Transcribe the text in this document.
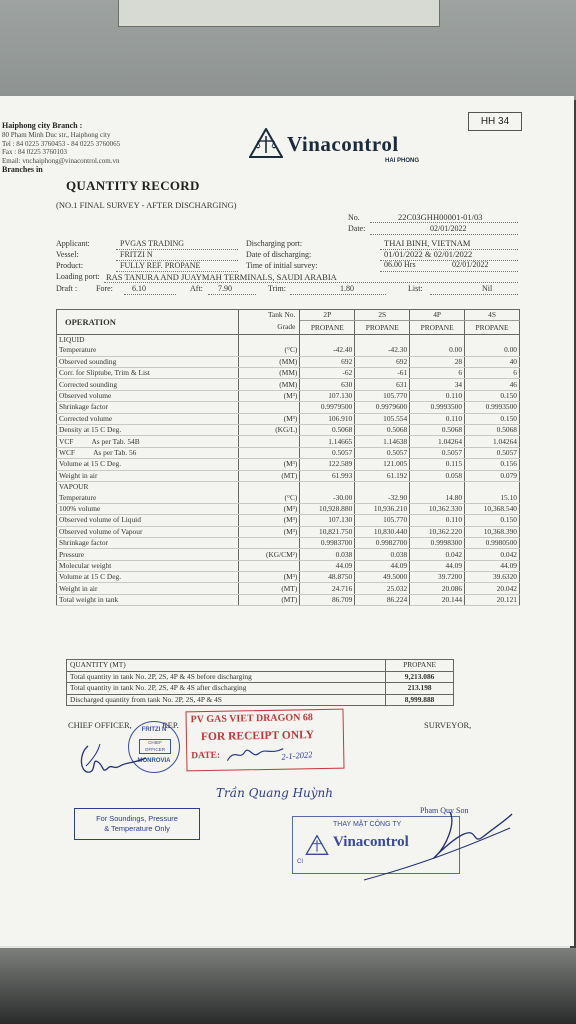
Haiphong city Branch :
80 Pham Minh Duc str., Haiphong city
Tel : 84 0225 3760453 - 84 0225 3760065
Fax : 84 0225 3760103
Email: vnchaiphong@vinacontrol.com.vn
Branches in
HH 34
Vinacontrol
HAI PHONG
QUANTITY RECORD
(NO.1 FINAL SURVEY - AFTER DISCHARGING)
No.	22C03GHH00001-01/03
Date:	02/01/2022
Applicant:	PVGAS TRADING
Vessel:	FRITZI N
Product:	FULLY REF. PROPANE
Discharging port:	THAI BINH, VIETNAM
Date of discharging:	01/01/2022 & 02/01/2022
Time of initial survey:	06.00 Hrs	02/01/2022
Loading port: RAS TANURA AND JUAYMAH TERMINALS, SAUDI ARABIA
Draft : Fore: 6.10	Aft: 7.90	Trim:	1.80	List:	Nil
OPERATION	Tank No.	2P	2S	4P	4S
	Grade	PROPANE	PROPANE	PROPANE	PROPANE
LIQUID					
Temperature	(°C)	-42.40	-42.30	0.00	0.00
Observed sounding	(MM)	692	692	28	40
Corr. for Sliptube, Trim & List	(MM)	-62	-61	6	6
Corrected sounding	(MM)	630	631	34	46
Observed volume	(M³)	107.130	105.770	0.110	0.150
Shrinkage factor		0.9979500	0.9979600	0.9993500	0.9993500
Corrected volume	(M³)	106.910	105.554	0.110	0.150
Density at 15 C Deg.	(KG/L)	0.5068	0.5068	0.5068	0.5068
VCF          As per Tab. 54B		1.14665	1.14638	1.04264	1.04264
WCF          As per Tab. 56		0.5057	0.5057	0.5057	0.5057
Volume at 15 C Deg.	(M³)	122.589	121.005	0.115	0.156
Weight in air	(MT)	61.993	61.192	0.058	0.079
VAPOUR					
Temperature	(°C)	-30.00	-32.90	14.80	15.10
100% volume	(M³)	10,928.880	10,936.210	10,362.330	10,368.540
Observed volume of Liquid	(M³)	107.130	105.770	0.110	0.150
Observed volume of Vapour	(M³)	10,821.750	10,830.440	10,362.220	10,368.390
Shrinkage factor		0.9983700	0.9982700	0.9998300	0.9980500
Pressure	(KG/CM²)	0.038	0.038	0.042	0.042
Molecular weight		44.09	44.09	44.09	44.09
Volume at 15 C Deg.	(M³)	48.8750	49.5000	39.7200	39.6320
Weight in air	(MT)	24.716	25.032	20.086	20.042
Total weight in tank	(MT)	86.709	86.224	20.144	20.121
QUANTITY (MT)	PROPANE
Total quantity in tank No. 2P, 2S, 4P & 4S before discharging	9,213.086
Total quantity in tank No. 2P, 2S, 4P & 4S after discharging	213.198
Discharged quantity from tank No. 2P, 2S, 4P & 4S	8,999.888
CHIEF OFFICER,	REP.	SURVEYOR,
PV GAS VIET DRAGON 68
FOR RECEIPT ONLY
DATE:	2-1-2022
FRITZI N
CHIEF OFFICER
MONROVIA
Trần Quang Huỳnh
Pham Quy Son
For Soundings, Pressure
& Temperature Only	THAY MẶT CÔNG TY
Vinacontrol
CI
